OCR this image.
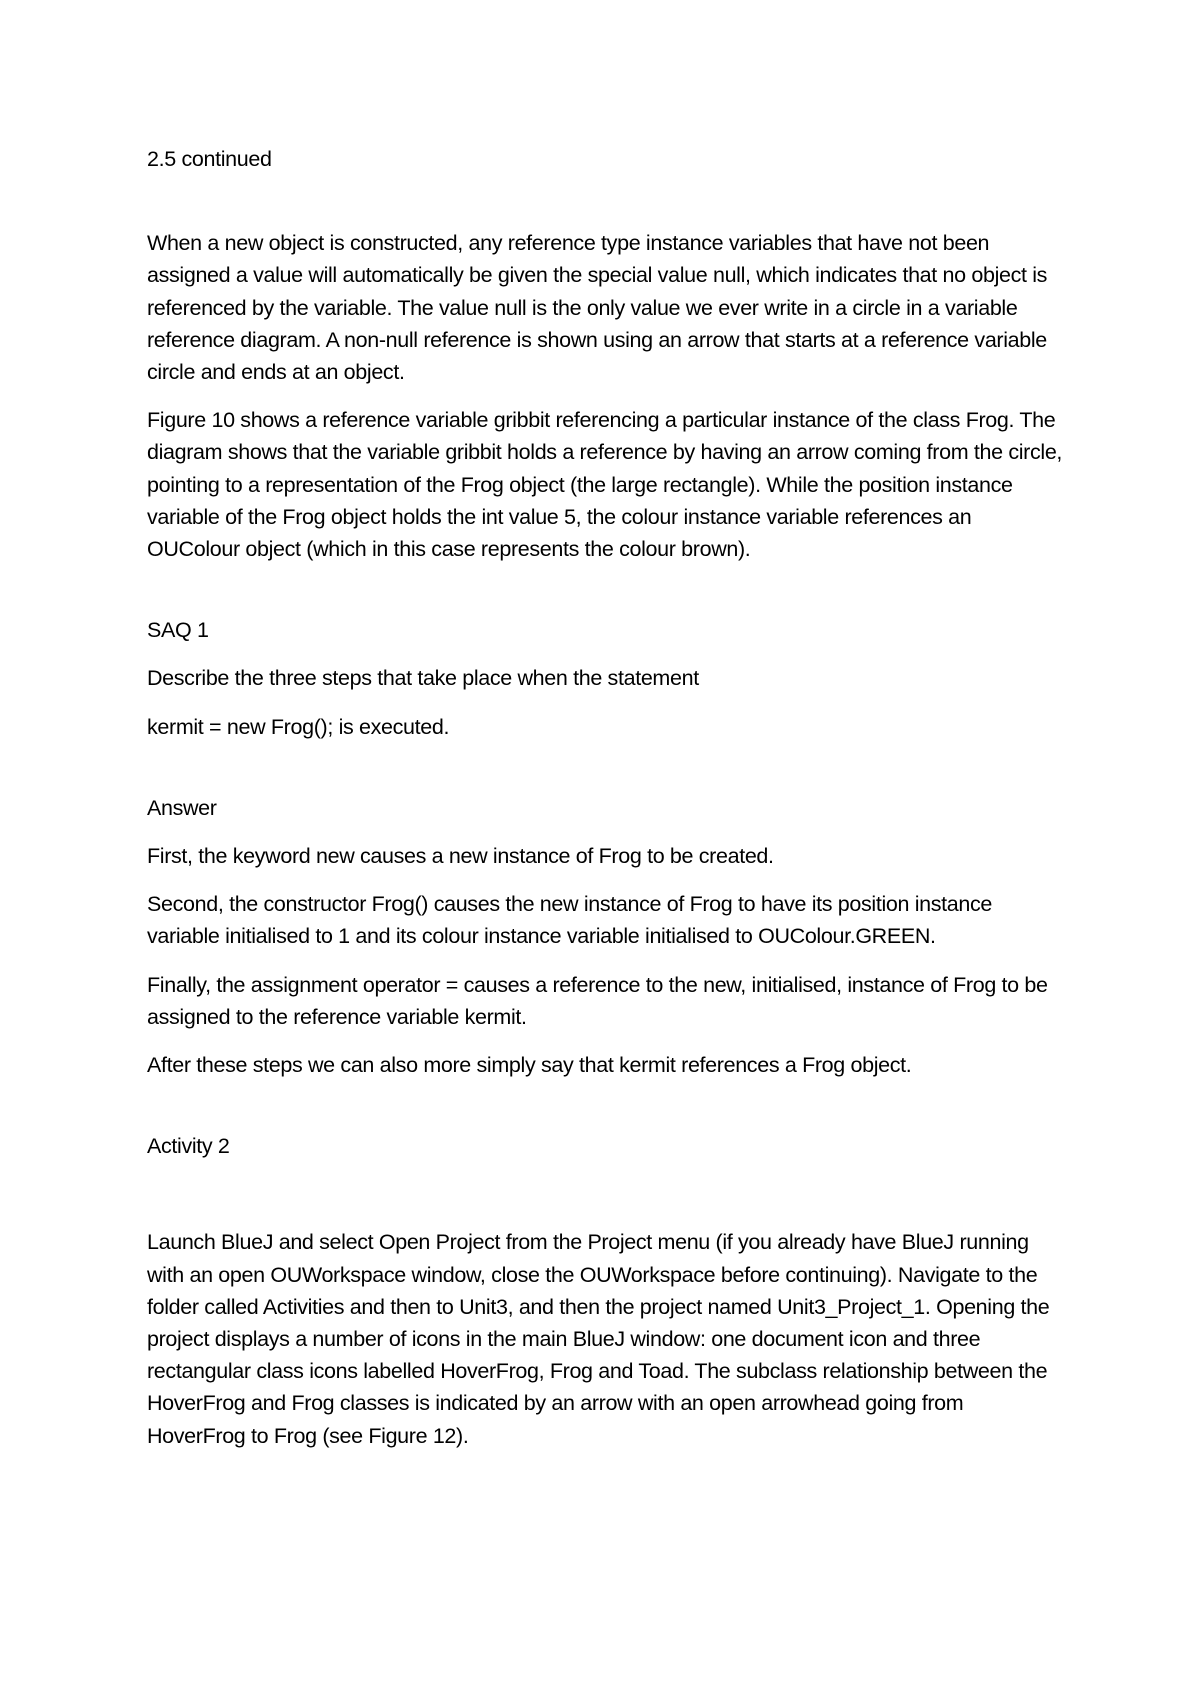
2.5 continued

When a new object is constructed, any reference type instance variables that have not been assigned a value will automatically be given the special value null, which indicates that no object is referenced by the variable. The value null is the only value we ever write in a circle in a variable reference diagram. A non-null reference is shown using an arrow that starts at a reference variable circle and ends at an object.

Figure 10 shows a reference variable gribbit referencing a particular instance of the class Frog. The diagram shows that the variable gribbit holds a reference by having an arrow coming from the circle, pointing to a representation of the Frog object (the large rectangle). While the position instance variable of the Frog object holds the int value 5, the colour instance variable references an OUColour object (which in this case represents the colour brown).

SAQ 1

Describe the three steps that take place when the statement

kermit = new Frog(); is executed.

Answer

First, the keyword new causes a new instance of Frog to be created.

Second, the constructor Frog() causes the new instance of Frog to have its position instance variable initialised to 1 and its colour instance variable initialised to OUColour.GREEN.

Finally, the assignment operator = causes a reference to the new, initialised, instance of Frog to be assigned to the reference variable kermit.

After these steps we can also more simply say that kermit references a Frog object.

Activity 2

Launch BlueJ and select Open Project from the Project menu (if you already have BlueJ running with an open OUWorkspace window, close the OUWorkspace before continuing). Navigate to the folder called Activities and then to Unit3, and then the project named Unit3_Project_1. Opening the project displays a number of icons in the main BlueJ window: one document icon and three rectangular class icons labelled HoverFrog, Frog and Toad. The subclass relationship between the HoverFrog and Frog classes is indicated by an arrow with an open arrowhead going from HoverFrog to Frog (see Figure 12).
